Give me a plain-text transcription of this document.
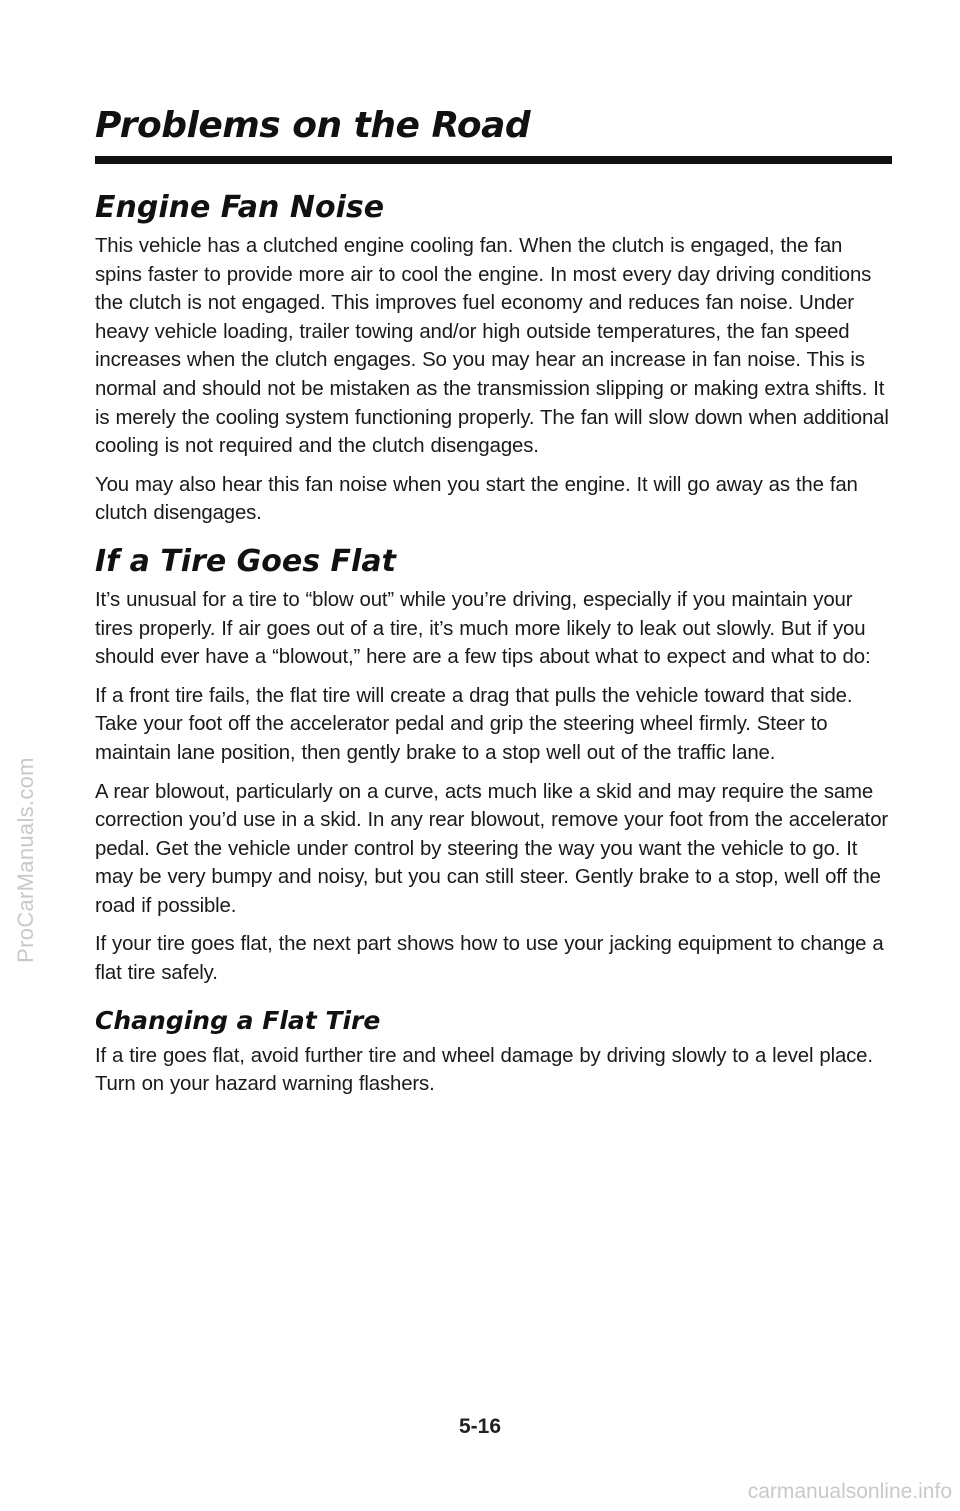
Problems on the Road
Engine Fan Noise

This vehicle has a clutched engine cooling fan. When the clutch is engaged, the fan spins faster to provide more air to cool the engine. In most every day driving conditions the clutch is not engaged. This improves fuel economy and reduces fan noise. Under heavy vehicle loading, trailer towing and/or high outside temperatures, the fan speed increases when the clutch engages. So you may hear an increase in fan noise. This is normal and should not be mistaken as the transmission slipping or making extra shifts. It is merely the cooling system functioning properly. The fan will slow down when additional cooling is not required and the clutch disengages.

You may also hear this fan noise when you start the engine. It will go away as the fan clutch disengages.

If a Tire Goes Flat

It’s unusual for a tire to “blow out” while you’re driving, especially if you maintain your tires properly. If air goes out of a tire, it’s much more likely to leak out slowly. But if you should ever have a “blowout,” here are a few tips about what to expect and what to do:

If a front tire fails, the flat tire will create a drag that pulls the vehicle toward that side. Take your foot off the accelerator pedal and grip the steering wheel firmly. Steer to maintain lane position, then gently brake to a stop well out of the traffic lane.

A rear blowout, particularly on a curve, acts much like a skid and may require the same correction you’d use in a skid. In any rear blowout, remove your foot from the accelerator pedal. Get the vehicle under control by steering the way you want the vehicle to go. It may be very bumpy and noisy, but you can still steer. Gently brake to a stop, well off the road if possible.

If your tire goes flat, the next part shows how to use your jacking equipment to change a flat tire safely.

Changing a Flat Tire

If a tire goes flat, avoid further tire and wheel damage by driving slowly to a level place. Turn on your hazard warning flashers.

5-16
ProCarManuals.com
carmanualsonline.info
